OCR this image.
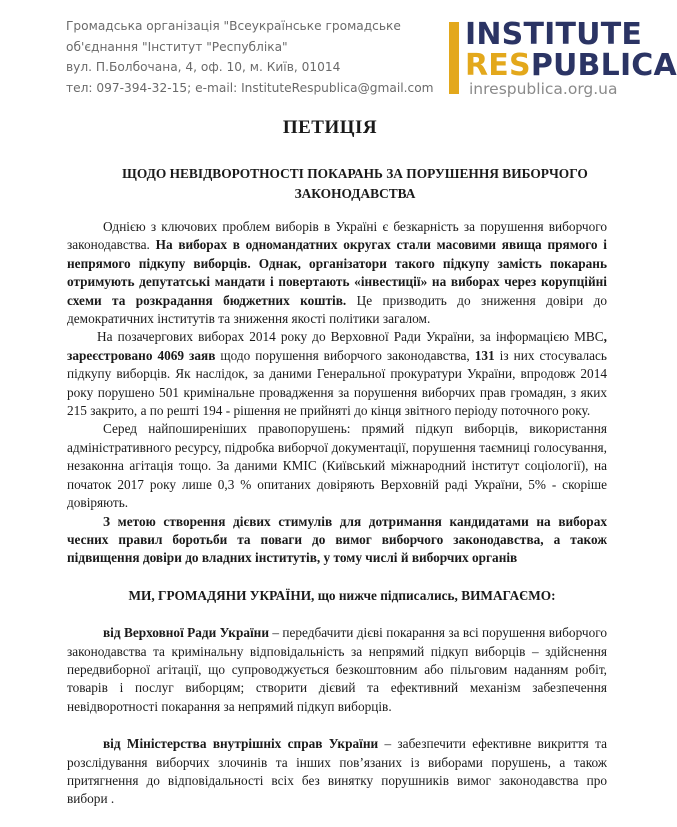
Громадська організація "Всеукраїнське громадське
об'єднання "Інститут "Республіка"
вул. П.Болбочана, 4, оф. 10, м. Київ, 01014
тел: 097-394-32-15; e-mail: InstituteRespublica@gmail.com
INSTITUTE
RESPUBLICA
inrespublica.org.ua
ПЕТИЦІЯ
ЩОДО НЕВІДВОРОТНОСТІ ПОКАРАНЬ ЗА ПОРУШЕННЯ ВИБОРЧОГО
ЗАКОНОДАВСТВА

Однією з ключових проблем виборів в Україні є безкарність за порушення виборчого законодавства. На виборах в одномандатних округах стали масовими явища прямого і непрямого підкупу виборців. Однак, організатори такого підкупу замість покарань отримують депутатські мандати і повертають «інвестиції» на виборах через корупційні схеми та розкрадання бюджетних коштів. Це призводить до зниження довіри до демократичних інститутів та зниження якості політики загалом.

На позачергових виборах 2014 року до Верховної Ради України, за інформацією МВС, зареєстровано 4069 заяв щодо порушення виборчого законодавства, 131 із них стосувалась підкупу виборців. Як наслідок, за даними Генеральної прокуратури України, впродовж 2014 року порушено 501 кримінальне провадження за порушення виборчих прав громадян, з яких 215 закрито, а по решті 194 - рішення не прийняті до кінця звітного періоду поточного року.

Серед найпоширеніших правопорушень: прямий підкуп виборців, використання адміністративного ресурсу, підробка виборчої документації, порушення таємниці голосування, незаконна агітація тощо. За даними КМІС (Київський міжнародний інститут соціології), на початок 2017 року лише 0,3 % опитаних довіряють Верховній раді України, 5% - скоріше довіряють.

З метою створення дієвих стимулів для дотримання кандидатами на виборах чесних правил боротьби та поваги до вимог виборчого законодавства, а також підвищення довіри до владних інститутів, у тому числі й виборчих органів

МИ, ГРОМАДЯНИ УКРАЇНИ, що нижче підписались, ВИМАГАЄМО:

від Верховної Ради України – передбачити дієві покарання за всі порушення виборчого законодавства та кримінальну відповідальність за непрямий підкуп виборців – здійснення передвиборної агітації, що супроводжується безкоштовним або пільговим наданням робіт, товарів і послуг виборцям; створити дієвий та ефективний механізм забезпечення невідворотності покарання за непрямий підкуп виборців.

від Міністерства внутрішніх справ України – забезпечити ефективне викриття та розслідування виборчих злочинів та інших пов’язаних із виборами порушень, а також притягнення до відповідальності всіх без винятку порушників вимог законодавства про вибори .
